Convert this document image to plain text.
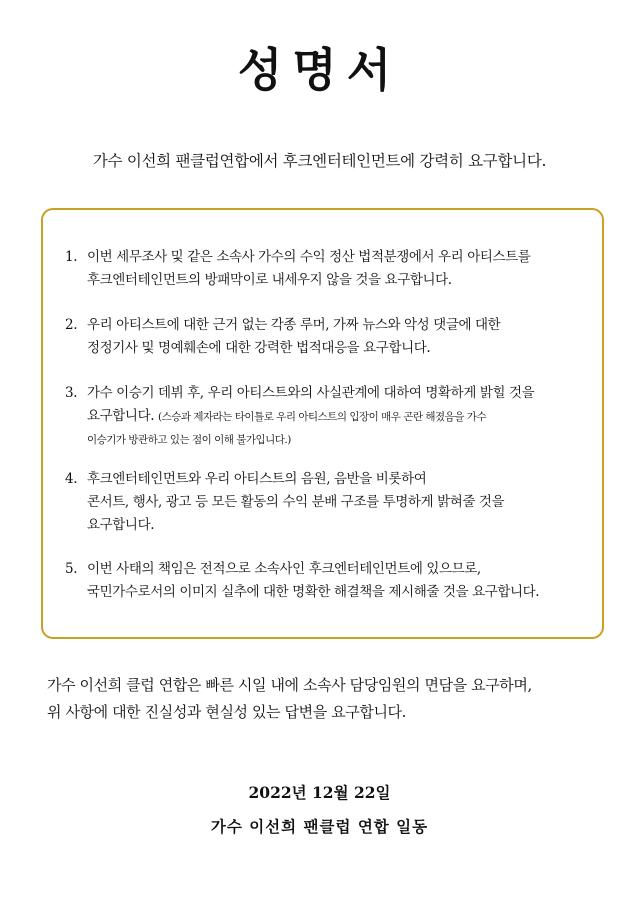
성명서
가수 이선희 팬클럽연합에서 후크엔터테인먼트에 강력히 요구합니다.
1. 이번 세무조사 및 같은 소속사 가수의 수익 정산 법적분쟁에서 우리 아티스트를
후크엔터테인먼트의 방패막이로 내세우지 않을 것을 요구합니다.
2. 우리 아티스트에 대한 근거 없는 각종 루머, 가짜 뉴스와 악성 댓글에 대한
정정기사 및 명예훼손에 대한 강력한 법적대응을 요구합니다.
3. 가수 이승기 데뷔 후, 우리 아티스트와의 사실관계에 대하여 명확하게 밝힐 것을
요구합니다. (스승과 제자라는 타이틀로 우리 아티스트의 입장이 매우 곤란 해졌음을 가수
이승기가 방관하고 있는 점이 이해 불가입니다.)
4. 후크엔터테인먼트와 우리 아티스트의 음원, 음반을 비롯하여
콘서트, 행사, 광고 등 모든 활동의 수익 분배 구조를 투명하게 밝혀줄 것을
요구합니다.
5. 이번 사태의 책임은 전적으로 소속사인 후크엔터테인먼트에 있으므로,
국민가수로서의 이미지 실추에 대한 명확한 해결책을 제시해줄 것을 요구합니다.
가수 이선희 클럽 연합은 빠른 시일 내에 소속사 담당임원의 면담을 요구하며,
위 사항에 대한 진실성과 현실성 있는 답변을 요구합니다.
2022년 12월 22일
가수 이선희 팬클럽 연합 일동
